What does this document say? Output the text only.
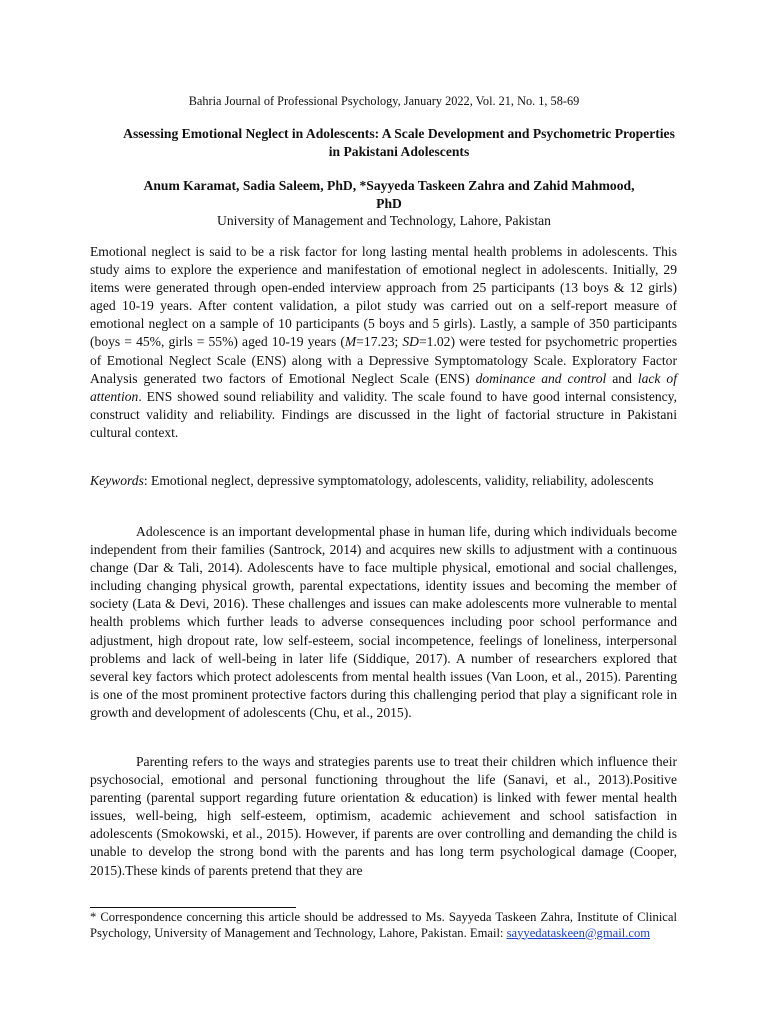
Bahria Journal of Professional Psychology, January 2022, Vol. 21, No. 1, 58-69
Assessing Emotional Neglect in Adolescents: A Scale Development and Psychometric Properties in Pakistani Adolescents
Anum Karamat, Sadia Saleem, PhD, *Sayyeda Taskeen Zahra and Zahid Mahmood, PhD
University of Management and Technology, Lahore, Pakistan

Emotional neglect is said to be a risk factor for long lasting mental health problems in adolescents. This study aims to explore the experience and manifestation of emotional neglect in adolescents. Initially, 29 items were generated through open-ended interview approach from 25 participants (13 boys & 12 girls) aged 10-19 years. After content validation, a pilot study was carried out on a self-report measure of emotional neglect on a sample of 10 participants (5 boys and 5 girls). Lastly, a sample of 350 participants (boys = 45%, girls = 55%) aged 10-19 years (M=17.23; SD=1.02) were tested for psychometric properties of Emotional Neglect Scale (ENS) along with a Depressive Symptomatology Scale. Exploratory Factor Analysis generated two factors of Emotional Neglect Scale (ENS) dominance and control and lack of attention. ENS showed sound reliability and validity. The scale found to have good internal consistency, construct validity and reliability. Findings are discussed in the light of factorial structure in Pakistani cultural context.

Keywords: Emotional neglect, depressive symptomatology, adolescents, validity, reliability, adolescents

Adolescence is an important developmental phase in human life, during which individuals become independent from their families (Santrock, 2014) and acquires new skills to adjustment with a continuous change (Dar & Tali, 2014). Adolescents have to face multiple physical, emotional and social challenges, including changing physical growth, parental expectations, identity issues and becoming the member of society (Lata & Devi, 2016). These challenges and issues can make adolescents more vulnerable to mental health problems which further leads to adverse consequences including poor school performance and adjustment, high dropout rate, low self-esteem, social incompetence, feelings of loneliness, interpersonal problems and lack of well-being in later life (Siddique, 2017). A number of researchers explored that several key factors which protect adolescents from mental health issues (Van Loon, et al., 2015). Parenting is one of the most prominent protective factors during this challenging period that play a significant role in growth and development of adolescents (Chu, et al., 2015).

Parenting refers to the ways and strategies parents use to treat their children which influence their psychosocial, emotional and personal functioning throughout the life (Sanavi, et al., 2013).Positive parenting (parental support regarding future orientation & education) is linked with fewer mental health issues, well-being, high self-esteem, optimism, academic achievement and school satisfaction in adolescents (Smokowski, et al., 2015). However, if parents are over controlling and demanding the child is unable to develop the strong bond with the parents and has long term psychological damage (Cooper, 2015).These kinds of parents pretend that they are

* Correspondence concerning this article should be addressed to Ms. Sayyeda Taskeen Zahra, Institute of Clinical Psychology, University of Management and Technology, Lahore, Pakistan. Email: sayyedataskeen@gmail.com
